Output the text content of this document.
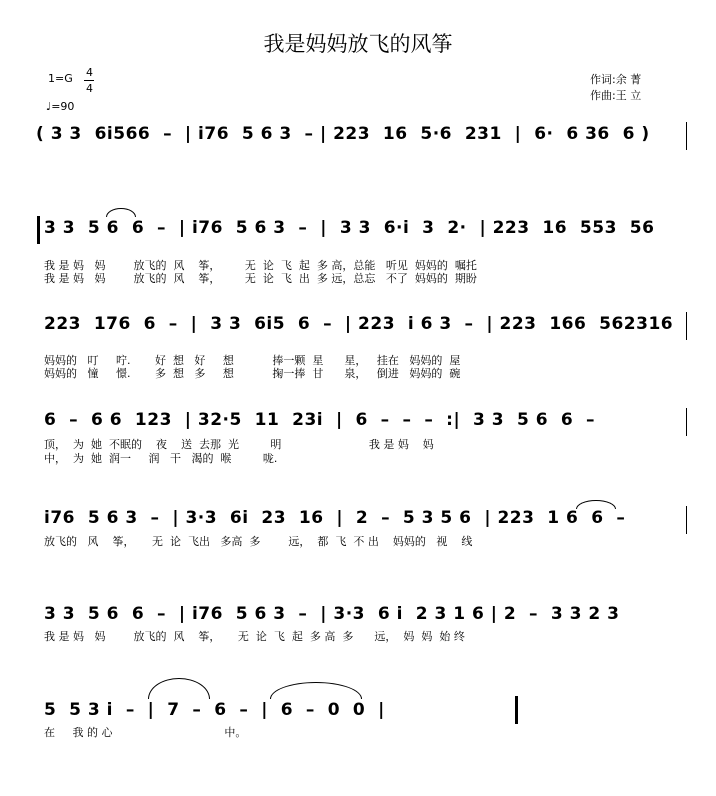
我是妈妈放飞的风筝
1=G 4
4
♩=90
作词:余 菁
作曲:王 立
( 3 3  6i566  –  | i76  5 6 3  – | 223  16  5·6  231  |  6·  6 36  6 )
3 3  5 6  6  –  | i76  5 6 3  –  |  3 3  6·i  3  2·  | 223  16  553  56
我 是 妈   妈        放飞的  风    筝，       无  论  飞  起  多 高，总能   听见  妈妈的  嘱托
我 是 妈   妈        放飞的  风    筝，       无  论  飞  出  多 远，总忘   不了  妈妈的  期盼
223  176  6  –  |  3 3  6i5  6  –  | 223  i 6 3  –  | 223  166  562316
妈妈的   叮     咛.       好  想   好     想           捧一颗  星      星，   挂在   妈妈的  屋
妈妈的   憧     憬.       多  想   多     想           掬一捧  甘      泉，   倒进   妈妈的  碗
6  –  6 6  123  | 32·5  11  23i  |  6  –  –  –  :|  3 3  5 6  6  –
顶，  为  她  不眠的    夜    送  去那  光         明                         我 是 妈    妈
中，  为  她  润一     润   干   渴的  喉         咙.
i76  5 6 3  –  | 3·3  6i  23  16  |  2  –  5 3 5 6  | 223  1 6  6  –
放飞的   风    筝，     无  论  飞出   多高  多        远，  都  飞  不 出    妈妈的   视    线
3 3  5 6  6  –  | i76  5 6 3  –  | 3·3  6 i  2 3 1 6 | 2  –  3 3 2 3
我 是 妈   妈        放飞的  风    筝，     无  论  飞  起  多 高  多      远，  妈  妈  始 终
5  5 3 i  –  |  7  –  6  –  |  6  –  0  0  |
在     我 的 心                                中。
